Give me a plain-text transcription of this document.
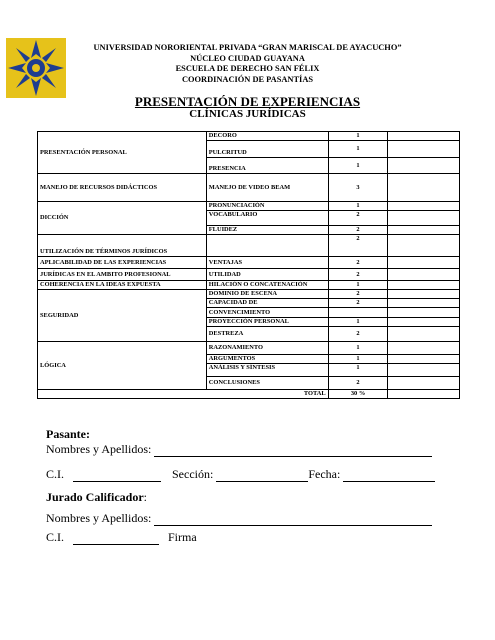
UNIVERSIDAD NORORIENTAL PRIVADA “GRAN MARISCAL DE AYACUCHO”
NÚCLEO CIUDAD GUAYANA
ESCUELA DE DERECHO SAN FÉLIX
COORDINACIÓN DE PASANTÍAS
PRESENTACIÓN DE EXPERIENCIAS
CLÍNICAS JURÍDICAS
PRESENTACIÓN PERSONAL	DECORO	1	
	PULCRITUD	1	
	PRESENCIA	1	
MANEJO DE RECURSOS DIDÁCTICOS	MANEJO DE VIDEO BEAM	3	
DICCIÓN	PRONUNCIACIÓN	1	
	VOCABULARIO	2	
	FLUIDEZ	2	
UTILIZACIÓN DE TÉRMINOS JURÍDICOS		2	
APLICABILIDAD DE LAS EXPERIENCIAS	VENTAJAS	2	
JURÍDICAS EN EL AMBITO PROFESIONAL	UTILIDAD	2	
COHERENCIA EN LA IDEAS EXPUESTA	HILACIÓN O CONCATENACIÓN	1	
SEGURIDAD	DOMINIO DE ESCENA	2	
	CAPACIDAD DE	2	
	CONVENCIMIENTO		
	PROYECCIÓN PERSONAL	1	
	DESTREZA	2	
LÓGICA	RAZONAMIENTO	1	
	ARGUMENTOS	1	
	ANÁLISIS Y SÍNTESIS	1	
	CONCLUSIONES	2	
	TOTAL	30 %	
Pasante:
Nombres y Apellidos:
C.I.	Sección:	Fecha:
Jurado Calificador:
Nombres y Apellidos:
C.I.	Firma
